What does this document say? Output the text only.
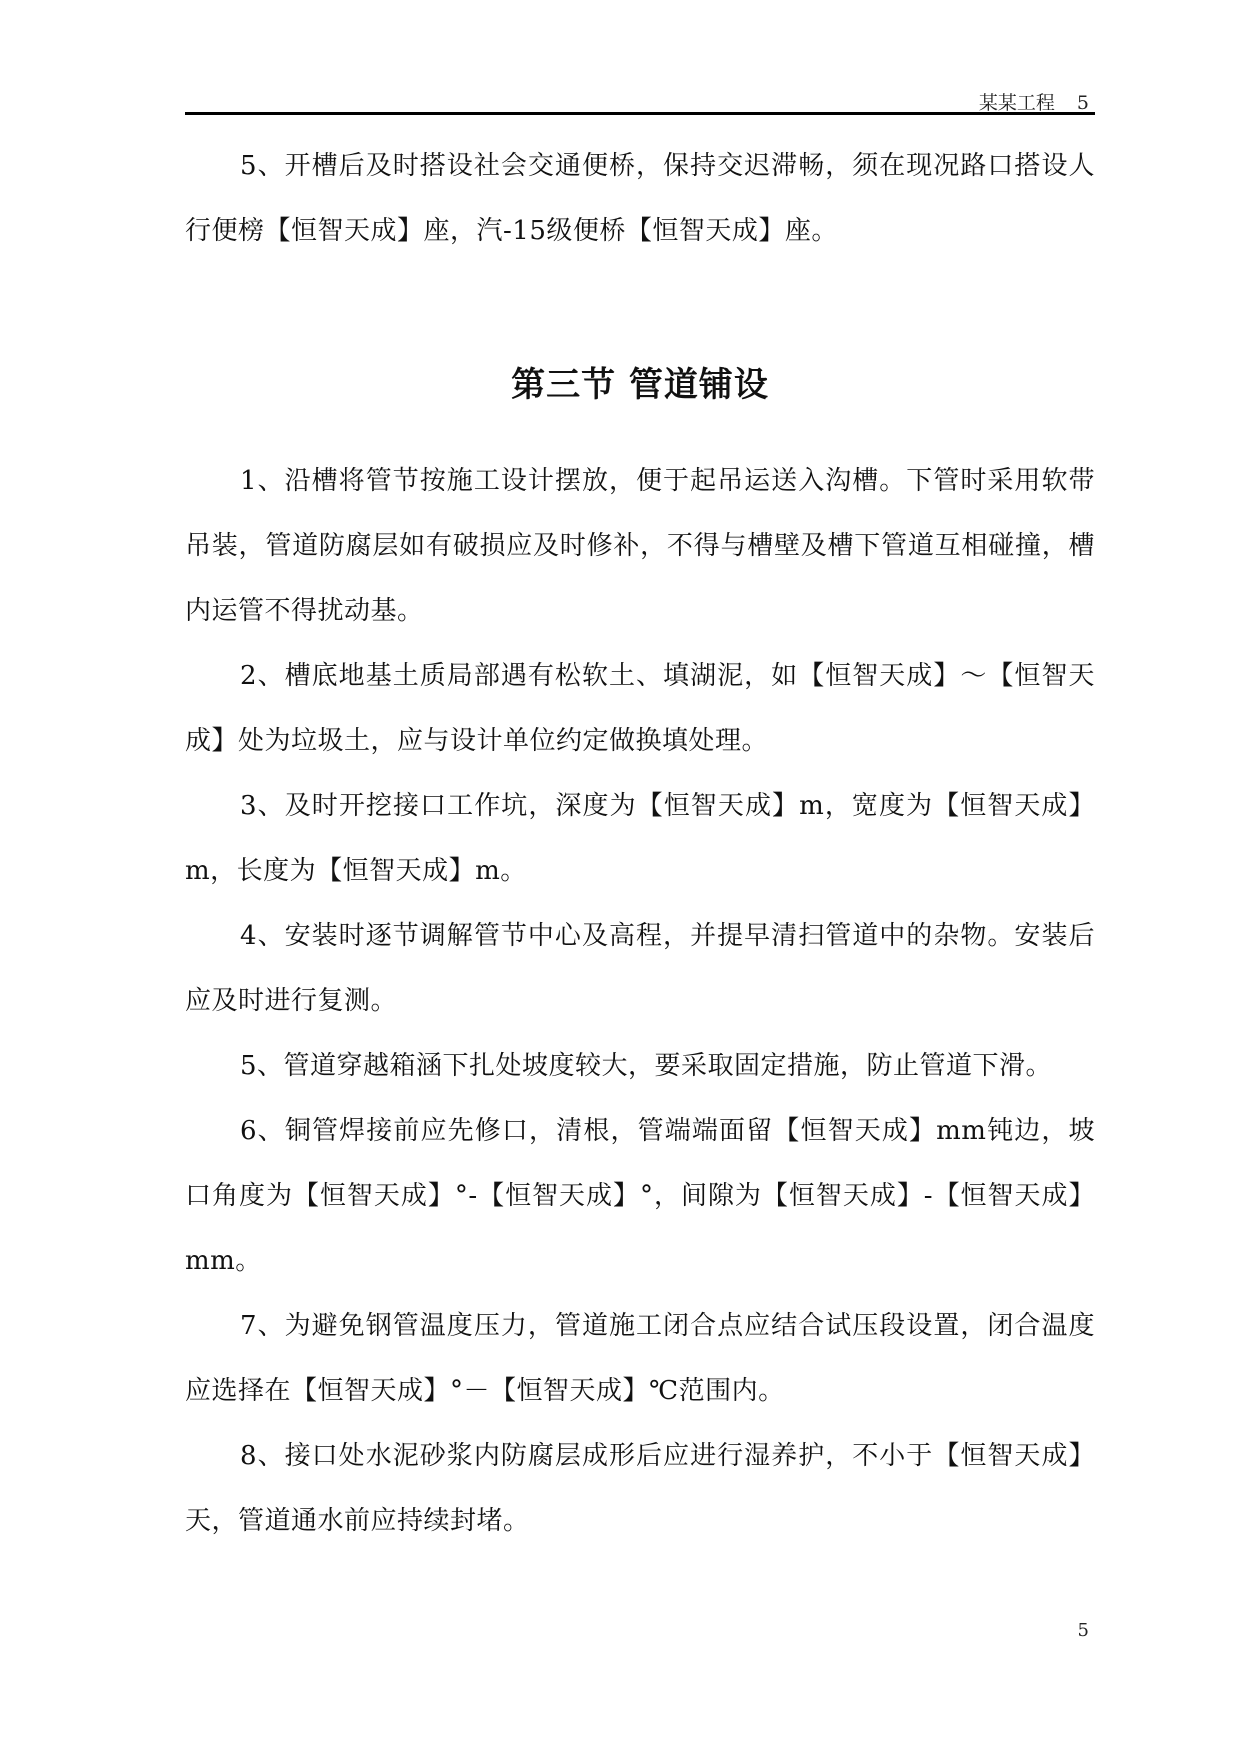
某某工程 5

5、开槽后及时搭设社会交通便桥，保持交迟滞畅，须在现况路口搭设人行便榜【恒智天成】座，汽-15级便桥【恒智天成】座。

第三节 管道铺设

1、沿槽将管节按施工设计摆放，便于起吊运送入沟槽。下管时采用软带吊装，管道防腐层如有破损应及时修补，不得与槽壁及槽下管道互相碰撞，槽内运管不得扰动基。

2、槽底地基土质局部遇有松软土、填湖泥，如【恒智天成】～【恒智天成】处为垃圾土，应与设计单位约定做换填处理。

3、及时开挖接口工作坑，深度为【恒智天成】m，宽度为【恒智天成】m，长度为【恒智天成】m。

4、安装时逐节调解管节中心及高程，并提早清扫管道中的杂物。安装后应及时进行复测。

5、管道穿越箱涵下扎处坡度较大，要采取固定措施，防止管道下滑。

6、铜管焊接前应先修口，清根，管端端面留【恒智天成】mm钝边，坡口角度为【恒智天成】°-【恒智天成】°，间隙为【恒智天成】-【恒智天成】mm。

7、为避免钢管温度压力，管道施工闭合点应结合试压段设置，闭合温度应选择在【恒智天成】°－【恒智天成】℃范围内。

8、接口处水泥砂浆内防腐层成形后应进行湿养护，不小于【恒智天成】天，管道通水前应持续封堵。

5
